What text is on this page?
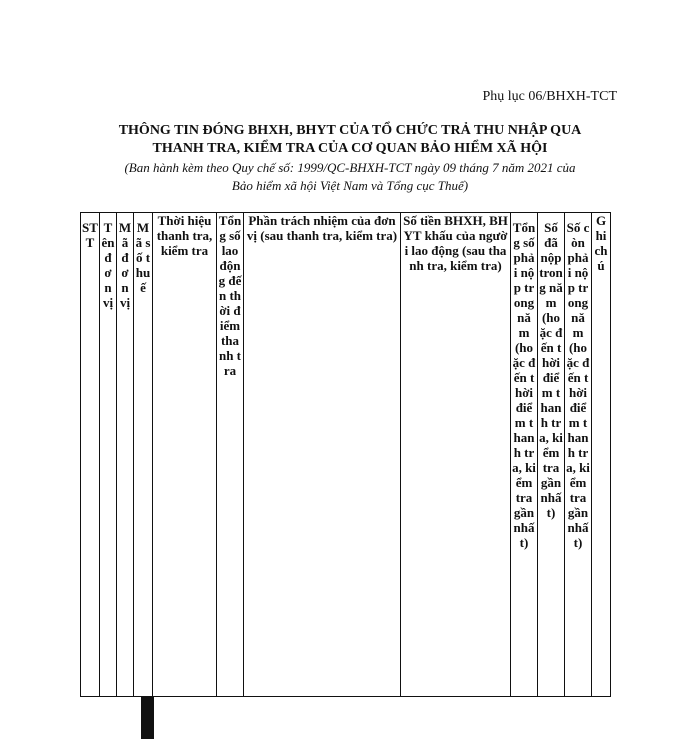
Phụ lục 06/BHXH-TCT
THÔNG TIN ĐÓNG BHXH, BHYT CỦA TỔ CHỨC TRẢ THU NHẬP QUA
THANH TRA, KIỂM TRA CỦA CƠ QUAN BẢO HIỂM XÃ HỘI
(Ban hành kèm theo Quy chế số: 1999/QC-BHXH-TCT ngày 09 tháng 7 năm 2021 của
Bảo hiểm xã hội Việt Nam và Tổng cục Thuế)
STT	Tên đơn vị	Mã đơn vị	Mã số thuế	Thời hiệu thanh tra, kiểm tra	Tổng số lao động đến thời điểm thanh tra	Phần trách nhiệm của đơn vị (sau thanh tra, kiểm tra)	Số tiền BHXH, BHYT khấu của người lao động (sau thanh tra, kiểm tra)	Tổng số phải nộp trong năm (hoặc đến thời điểm thanh tra, kiểm tra gần nhất)	Số đã nộp trong năm (hoặc đến thời điểm thanh tra, kiểm tra gần nhất)	Số còn phải nộp trong năm (hoặc đến thời điểm thanh tra, kiểm tra gần nhất)	Ghi chú
